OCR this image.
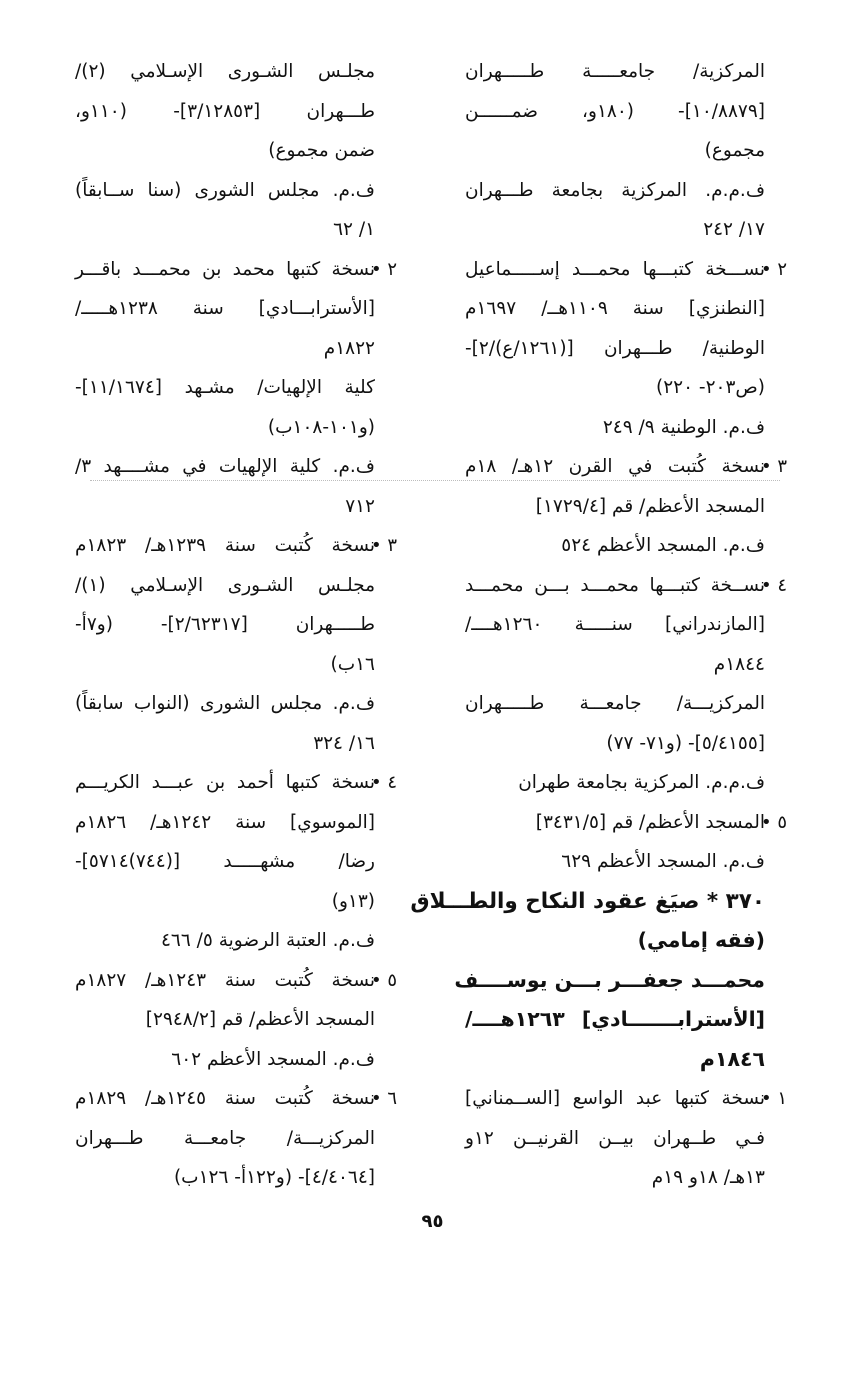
المركزية/ جامعـــــة طـــــهران
[١٠/٨٨٧٩]- (١٨٠و، ضمــــــن
مجموع)
ف.م.م. المركزية بجامعة طـــهران
١٧/ ٢٤٢
٢ •
نســـخة كتبـــها محمـــد إســـــماعيل
[النطنزي] سنة ١١٠٩هــ/ ١٦٩٧م
الوطنية/ طـــهران [(١٢٦١/ع)/٢]-
(ص٢٠٣- ٢٢٠)
ف.م. الوطنية ٩/ ٢٤٩
٣ •
نسخة كُتبت في القرن ١٢هـ/ ١٨م
المسجد الأعظم/ قم [١٧٢٩/٤]
ف.م. المسجد الأعظم ٥٢٤
٤ •
نســخة كتبـــها محمـــد بـــن محمـــد
[المازندراني] سنـــــة ١٢٦٠هــــ/
١٨٤٤م
المركزيـــة/ جامعـــة طـــــهران
[٥/٤١٥٥]- (و٧١- ٧٧)
ف.م.م. المركزية بجامعة طهران
٥ •
المسجد الأعظم/ قم [٣٤٣١/٥]
ف.م. المسجد الأعظم ٦٢٩
٣٧٠ * صيَغ عقود النكاح والطـــلاق
(فقه إمامي)
محمـــد جعفـــر بـــن يوســــف
[الأسترابـــــــادي] ١٢٦٣هــــ/
١٨٤٦م
١ •
نسخة كتبها عبد الواسع [الســمناني]
فـي طــهران بيــن القرنيــن ١٢و
١٣هـ/ ١٨و ١٩م
مجلـس الشـورى الإسـلامي (٢)/
طـــهران [٣/١٢٨٥٣]- (١١٠و،
ضمن مجموع)
ف.م. مجلس الشورى (سنا ســابقاً)
١/ ٦٢
٢ •
نسخة كتبها محمد بن محمـــد باقـــر
[الأسترابـــادي] سنة ١٢٣٨هـــــ/
١٨٢٢م
كلية الإلهيات/ مشـهد [١١/١٦٧٤]-
(و١٠١-١٠٨ب)
ف.م. كلية الإلهيات في مشــــهد ٣/
٧١٢
٣ •
نسخة كُتبت سنة ١٢٣٩هـ/ ١٨٢٣م
مجلـس الشـورى الإسـلامي (١)/
طـــــهران [٢/٦٢٣١٧]- (و٧أ-
١٦ب)
ف.م. مجلس الشورى (النواب سابقاً)
١٦/ ٣٢٤
٤ •
نسخة كتبها أحمد بن عبـــد الكريـــم
[الموسوي] سنة ١٢٤٢هـ/ ١٨٢٦م
رضا/ مشهـــــد [(٧٤٤)٥٧١٤]-
(١٣و)
ف.م. العتبة الرضوية ٥/ ٤٦٦
٥ •
نسخة كُتبت سنة ١٢٤٣هـ/ ١٨٢٧م
المسجد الأعظم/ قم [٢٩٤٨/٢]
ف.م. المسجد الأعظم ٦٠٢
٦ •
نسخة كُتبت سنة ١٢٤٥هـ/ ١٨٢٩م
المركزيـــة/ جامعـــة طـــهران
[٤/٤٠٦٤]- (و١٢٢أ- ١٢٦ب)
٩٥
